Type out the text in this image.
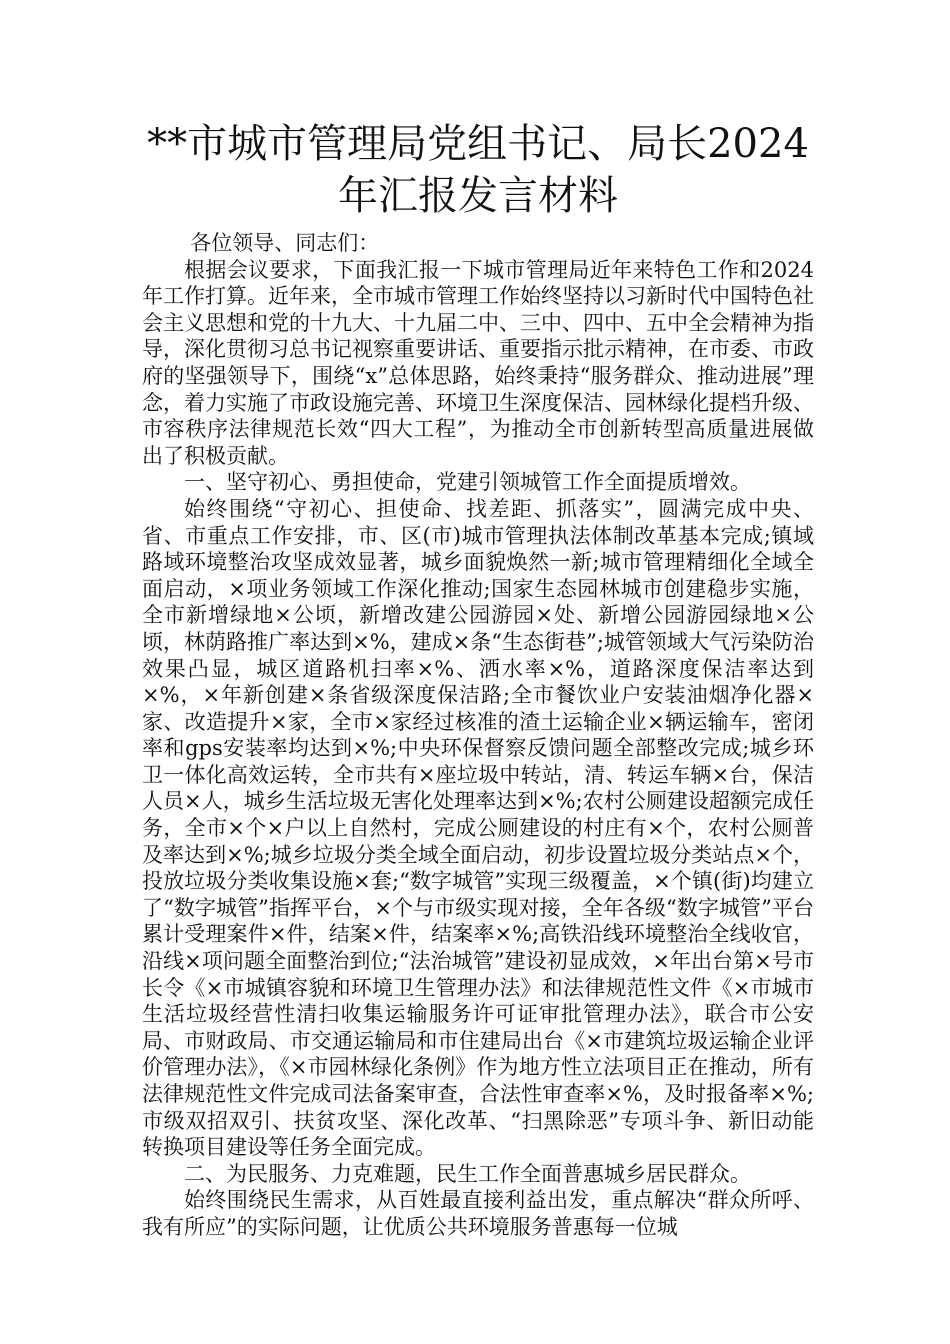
**市城市管理局党组书记、局长2024年汇报发言材料

各位领导、同志们：

根据会议要求，下面我汇报一下城市管理局近年来特色工作和2024年工作打算。近年来，全市城市管理工作始终坚持以习新时代中国特色社会主义思想和党的十九大、十九届二中、三中、四中、五中全会精神为指导，深化贯彻习总书记视察重要讲话、重要指示批示精神，在市委、市政府的坚强领导下，围绕“x”总体思路，始终秉持“服务群众、推动进展”理念，着力实施了市政设施完善、环境卫生深度保洁、园林绿化提档升级、市容秩序法律规范长效“四大工程”，为推动全市创新转型高质量进展做出了积极贡献。

一、坚守初心、勇担使命，党建引领城管工作全面提质增效。

始终围绕“守初心、担使命、找差距、抓落实”，圆满完成中央、省、市重点工作安排，市、区(市)城市管理执法体制改革基本完成;镇域路域环境整治攻坚成效显著，城乡面貌焕然一新;城市管理精细化全域全面启动，×项业务领域工作深化推动;国家生态园林城市创建稳步实施，全市新增绿地×公顷，新增改建公园游园×处、新增公园游园绿地×公顷，林荫路推广率达到×%，建成×条“生态街巷”;城管领域大气污染防治效果凸显，城区道路机扫率×%、洒水率×%，道路深度保洁率达到×%，×年新创建×条省级深度保洁路;全市餐饮业户安装油烟净化器×家、改造提升×家，全市×家经过核准的渣土运输企业×辆运输车，密闭率和gps安装率均达到×%;中央环保督察反馈问题全部整改完成;城乡环卫一体化高效运转，全市共有×座垃圾中转站，清、转运车辆×台，保洁人员×人，城乡生活垃圾无害化处理率达到×%;农村公厕建设超额完成任务，全市×个×户以上自然村，完成公厕建设的村庄有×个，农村公厕普及率达到×%;城乡垃圾分类全域全面启动，初步设置垃圾分类站点×个，投放垃圾分类收集设施×套;“数字城管”实现三级覆盖，×个镇(街)均建立了“数字城管”指挥平台，×个与市级实现对接，全年各级“数字城管”平台累计受理案件×件，结案×件，结案率×%;高铁沿线环境整治全线收官，沿线×项问题全面整治到位;“法治城管”建设初显成效，×年出台第×号市长令《×市城镇容貌和环境卫生管理办法》和法律规范性文件《×市城市生活垃圾经营性清扫收集运输服务许可证审批管理办法》，联合市公安局、市财政局、市交通运输局和市住建局出台《×市建筑垃圾运输企业评价管理办法》，《×市园林绿化条例》作为地方性立法项目正在推动，所有法律规范性文件完成司法备案审查，合法性审查率×%，及时报备率×%;市级双招双引、扶贫攻坚、深化改革、“扫黑除恶”专项斗争、新旧动能转换项目建设等任务全面完成。

二、为民服务、力克难题，民生工作全面普惠城乡居民群众。

始终围绕民生需求，从百姓最直接利益出发，重点解决“群众所呼、我有所应”的实际问题，让优质公共环境服务普惠每一位城
